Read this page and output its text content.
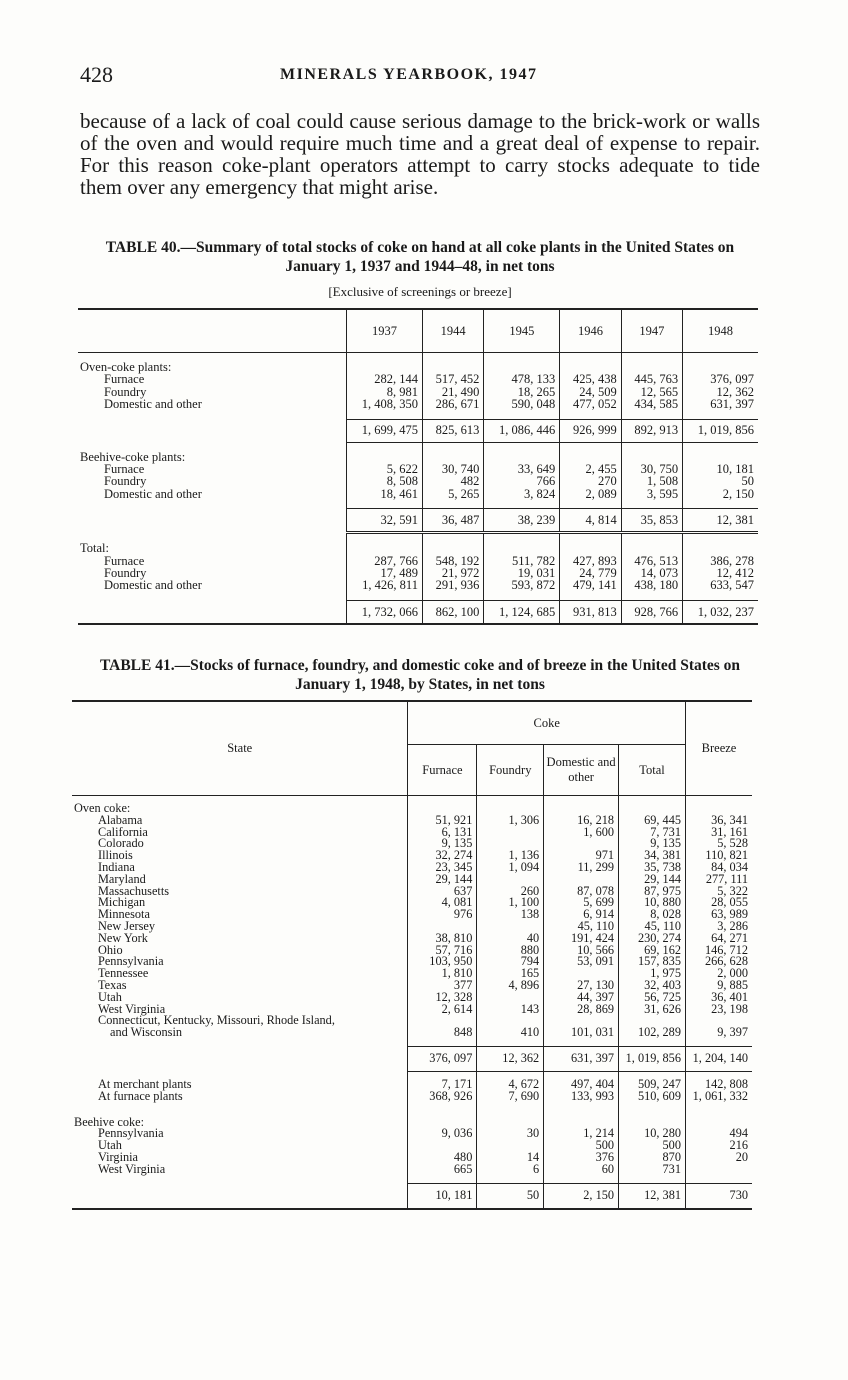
428	MINERALS YEARBOOK, 1947

because of a lack of coal could cause serious damage to the brick-work or walls of the oven and would require much time and a great deal of expense to repair. For this reason coke-plant operators attempt to carry stocks adequate to tide them over any emergency that might arise.

TABLE 40.—Summary of total stocks of coke on hand at all coke plants in the United States on January 1, 1937 and 1944–48, in net tons
[Exclusive of screenings or breeze]
	1937	1944	1945	1946	1947	1948

Oven-coke plants:						
Furnace	282, 144	517, 452	478, 133	425, 438	445, 763	376, 097
Foundry	8, 981	21, 490	18, 265	24, 509	12, 565	12, 362
Domestic and other	1, 408, 350	286, 671	590, 048	477, 052	434, 585	631, 397

	1, 699, 475	825, 613	1, 086, 446	926, 999	892, 913	1, 019, 856

Beehive-coke plants:						
Furnace	5, 622	30, 740	33, 649	2, 455	30, 750	10, 181
Foundry	8, 508	482	766	270	1, 508	50
Domestic and other	18, 461	5, 265	3, 824	2, 089	3, 595	2, 150

	32, 591	36, 487	38, 239	4, 814	35, 853	12, 381

Total:						
Furnace	287, 766	548, 192	511, 782	427, 893	476, 513	386, 278
Foundry	17, 489	21, 972	19, 031	24, 779	14, 073	12, 412
Domestic and other	1, 426, 811	291, 936	593, 872	479, 141	438, 180	633, 547

	1, 732, 066	862, 100	1, 124, 685	931, 813	928, 766	1, 032, 237
TABLE 41.—Stocks of furnace, foundry, and domestic coke and of breeze in the United States on January 1, 1948, by States, in net tons
State	Coke				Breeze
	Furnace	Foundry	Domestic and other	Total	

Oven coke:					
Alabama	51, 921	1, 306	16, 218	69, 445	36, 341
California	6, 131		1, 600	7, 731	31, 161
Colorado	9, 135			9, 135	5, 528
Illinois	32, 274	1, 136	971	34, 381	110, 821
Indiana	23, 345	1, 094	11, 299	35, 738	84, 034
Maryland	29, 144			29, 144	277, 111
Massachusetts	637	260	87, 078	87, 975	5, 322
Michigan	4, 081	1, 100	5, 699	10, 880	28, 055
Minnesota	976	138	6, 914	8, 028	63, 989
New Jersey			45, 110	45, 110	3, 286
New York	38, 810	40	191, 424	230, 274	64, 271
Ohio	57, 716	880	10, 566	69, 162	146, 712
Pennsylvania	103, 950	794	53, 091	157, 835	266, 628
Tennessee	1, 810	165		1, 975	2, 000
Texas	377	4, 896	27, 130	32, 403	9, 885
Utah	12, 328		44, 397	56, 725	36, 401
West Virginia	2, 614	143	28, 869	31, 626	23, 198
Connecticut, Kentucky, Missouri, Rhode Island,					
and Wisconsin	848	410	101, 031	102, 289	9, 397

	376, 097	12, 362	631, 397	1, 019, 856	1, 204, 140

At merchant plants	7, 171	4, 672	497, 404	509, 247	142, 808
At furnace plants	368, 926	7, 690	133, 993	510, 609	1, 061, 332

Beehive coke:					
Pennsylvania	9, 036	30	1, 214	10, 280	494
Utah			500	500	216
Virginia	480	14	376	870	20
West Virginia	665	6	60	731	

	10, 181	50	2, 150	12, 381	730
